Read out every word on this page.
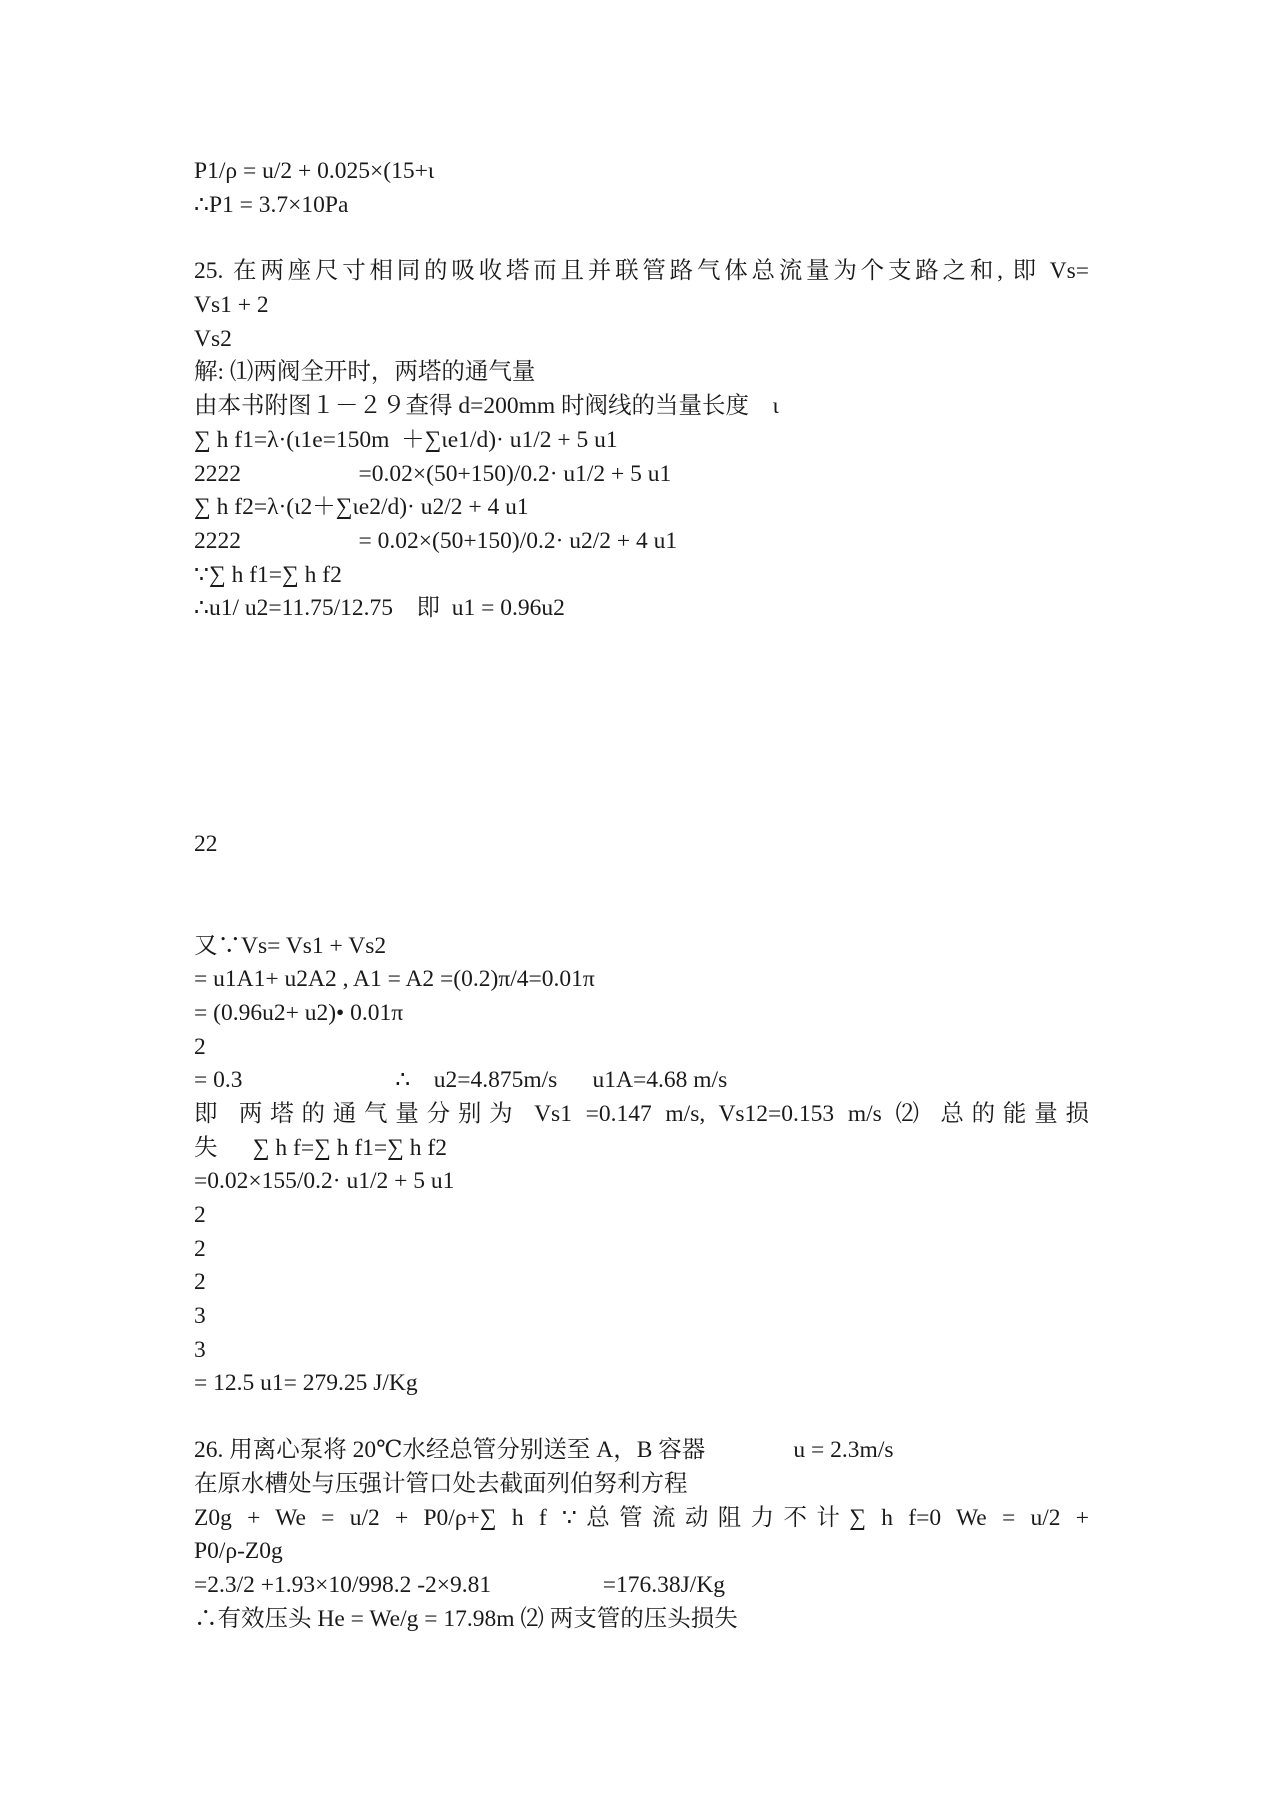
P1/ρ = u/2 + 0.025×(15+ι
∴P1 = 3.7×10Pa
25. 在两座尺寸相同的吸收塔而且并联管路气体总流量为个支路之和, 即 Vs=
Vs1 + 2
Vs2
解: ⑴两阀全开时，两塔的通气量
由本书附图１－２９查得 d=200mm 时阀线的当量长度    ι
∑ h f1=λ·(ι1e=150m  ＋∑ιe1/d)· u1/2 + 5 u1
2222                    =0.02×(50+150)/0.2· u1/2 + 5 u1
∑ h f2=λ·(ι2＋∑ιe2/d)· u2/2 + 4 u1
2222                    = 0.02×(50+150)/0.2· u2/2 + 4 u1
∵∑ h f1=∑ h f2
∴u1/ u2=11.75/12.75    即  u1 = 0.96u2
22
又∵Vs= Vs1 + Vs2
= u1A1+ u2A2 , A1 = A2 =(0.2)π/4=0.01π
= (0.96u2+ u2)• 0.01π
2
= 0.3                          ∴    u2=4.875m/s      u1A=4.68 m/s
即 两塔的通气量分别为 Vs1 =0.147 m/s, Vs12=0.153 m/s ⑵ 总的能量损
失      ∑ h f=∑ h f1=∑ h f2
=0.02×155/0.2· u1/2 + 5 u1
2
2
2
3
3
= 12.5 u1= 279.25 J/Kg
26. 用离心泵将 20℃水经总管分别送至 A，B 容器               u = 2.3m/s
在原水槽处与压强计管口处去截面列伯努利方程
Z0g + We = u/2 + P0/ρ+∑ h f ∵总管流动阻力不计∑ h f=0 We = u/2 +
P0/ρ-Z0g
=2.3/2 +1.93×10/998.2 -2×9.81                   =176.38J/Kg
∴有效压头 He = We/g = 17.98m ⑵ 两支管的压头损失
